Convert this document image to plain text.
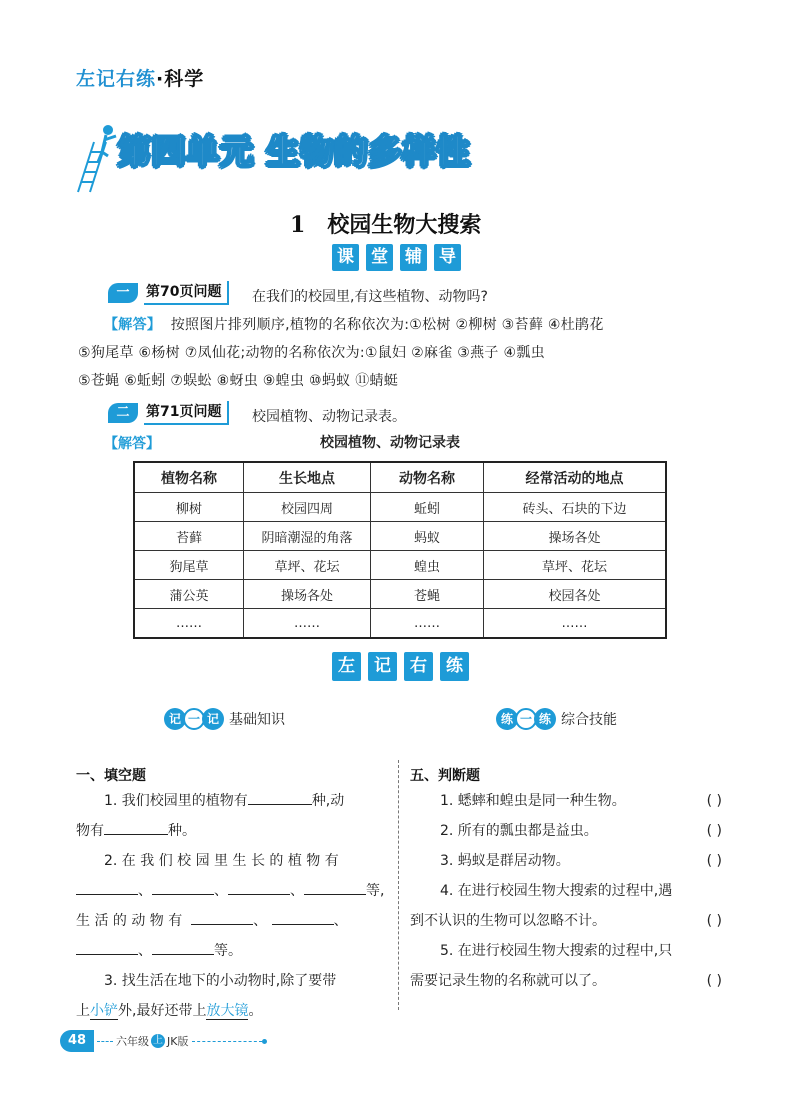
左记右练·科学
第四单元 生物的多样性
1 校园生物大搜索
课 堂 辅 导
一	第70页问题	在我们的校园里,有这些植物、动物吗?
【解答】 按照图片排列顺序,植物的名称依次为:①松树 ②柳树 ③苔藓 ④杜鹃花
⑤狗尾草 ⑥杨树 ⑦凤仙花;动物的名称依次为:①鼠妇 ②麻雀 ③燕子 ④瓢虫
⑤苍蝇 ⑥蚯蚓 ⑦蜈蚣 ⑧蚜虫 ⑨蝗虫 ⑩蚂蚁 ⑪蜻蜓
二	第71页问题	校园植物、动物记录表。
【解答】	校园植物、动物记录表
植物名称	生长地点	动物名称	经常活动的地点
柳树	校园四周	蚯蚓	砖头、石块的下边
苔藓	阴暗潮湿的角落	蚂蚁	操场各处
狗尾草	草坪、花坛	蝗虫	草坪、花坛
蒲公英	操场各处	苍蝇	校园各处
……	……	……	……
左	记	右	练
记 一 记 基础知识	练 一 练 综合技能
一、填空题
1. 我们校园里的植物有	种,动
物有	种。
2. 在 我 们 校 园 里 生 长 的 植 物 有
、	、	、	等,
生 活 的 动 物 有	、	、
、	等。
3. 找生活在地下的小动物时,除了要带
上小铲外,最好还带上放大镜。
五、判断题
1. 蟋蟀和蝗虫是同一种生物。	( )
2. 所有的瓢虫都是益虫。	( )
3. 蚂蚁是群居动物。	( )
4. 在进行校园生物大搜索的过程中,遇
到不认识的生物可以忽略不计。	( )
5. 在进行校园生物大搜索的过程中,只
需要记录生物的名称就可以了。	( )
48	六年级 上 JK版
